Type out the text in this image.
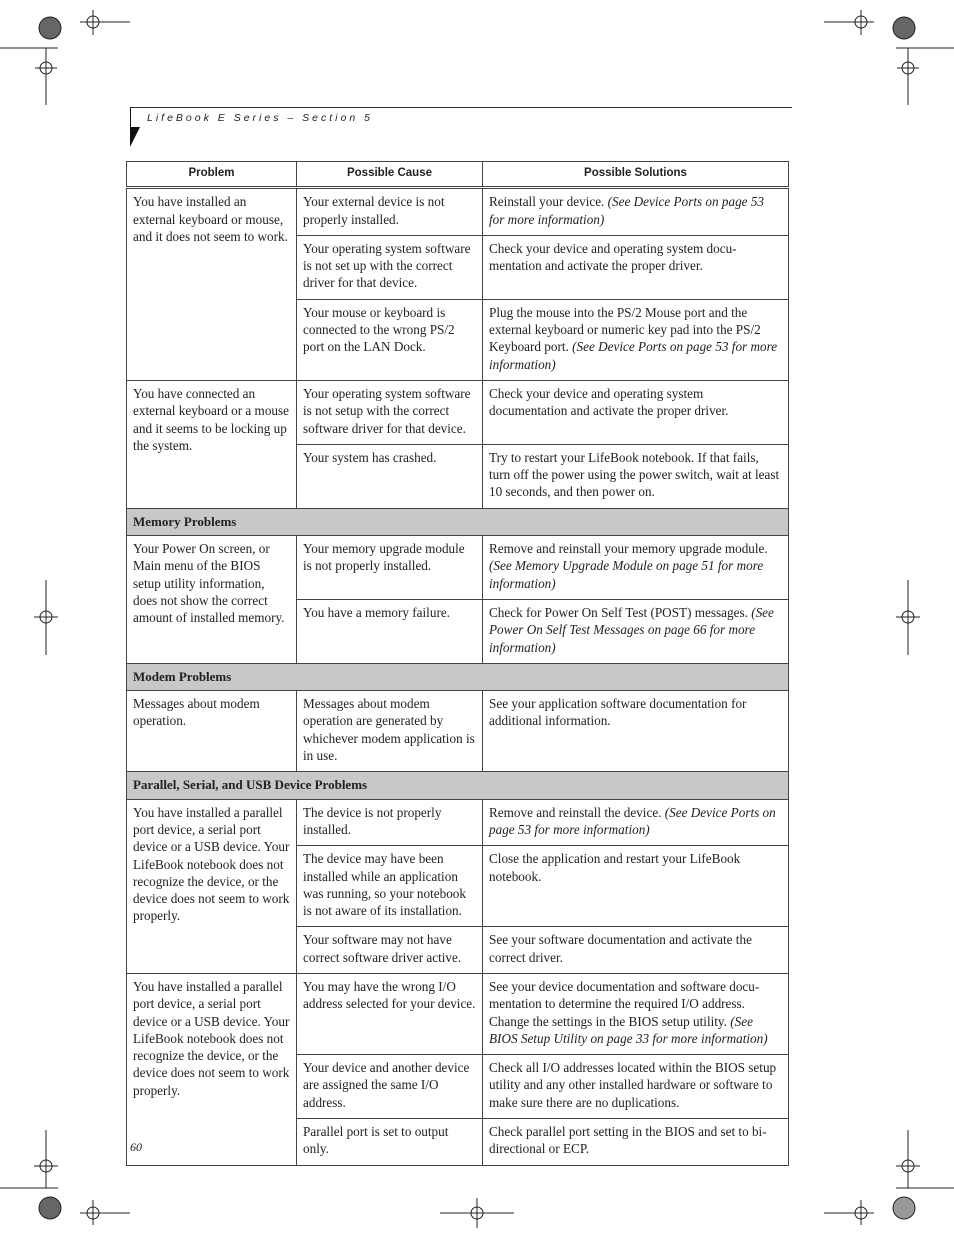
LifeBook E Series – Section 5
Problem	Possible Cause	Possible Solutions
You have installed an external keyboard or mouse, and it does not seem to work.	Your external device is not properly installed.	Reinstall your device. (See Device Ports on page 53 for more information)
	Your operating system software is not set up with the correct driver for that device.	Check your device and operating system docu-mentation and activate the proper driver.
	Your mouse or keyboard is connected to the wrong PS/2 port on the LAN Dock.	Plug the mouse into the PS/2 Mouse port and the external keyboard or numeric key pad into the PS/2 Keyboard port. (See Device Ports on page 53 for more information)
You have connected an external keyboard or a mouse and it seems to be locking up the system.	Your operating system software is not setup with the correct software driver for that device.	Check your device and operating system documentation and activate the proper driver.
	Your system has crashed.	Try to restart your LifeBook notebook. If that fails, turn off the power using the power switch, wait at least 10 seconds, and then power on.
Memory Problems		
Your Power On screen, or Main menu of the BIOS setup utility information, does not show the correct amount of installed memory.	Your memory upgrade module is not properly installed.	Remove and reinstall your memory upgrade module. (See Memory Upgrade Module on page 51 for more information)
	You have a memory failure.	Check for Power On Self Test (POST) messages. (See Power On Self Test Messages on page 66 for more information)
Modem Problems		
Messages about modem operation.	Messages about modem operation are generated by whichever modem application is in use.	See your application software documentation for additional information.
Parallel, Serial, and USB Device Problems		
You have installed a parallel port device, a serial port device or a USB device. Your LifeBook notebook does not recognize the device, or the device does not seem to work properly.	The device is not properly installed.	Remove and reinstall the device. (See Device Ports on page 53 for more information)
	The device may have been installed while an application was running, so your notebook is not aware of its installation.	Close the application and restart your LifeBook notebook.
	Your software may not have correct software driver active.	See your software documentation and activate the correct driver.
You have installed a parallel port device, a serial port device or a USB device. Your LifeBook notebook does not recognize the device, or the device does not seem to work properly.	You may have the wrong I/O address selected for your device.	See your device documentation and software docu-mentation to determine the required I/O address. Change the settings in the BIOS setup utility. (See BIOS Setup Utility on page 33 for more information)
	Your device and another device are assigned the same I/O address.	Check all I/O addresses located within the BIOS setup utility and any other installed hardware or software to make sure there are no duplications.
	Parallel port is set to output only.	Check parallel port setting in the BIOS and set to bi-directional or ECP.
60
